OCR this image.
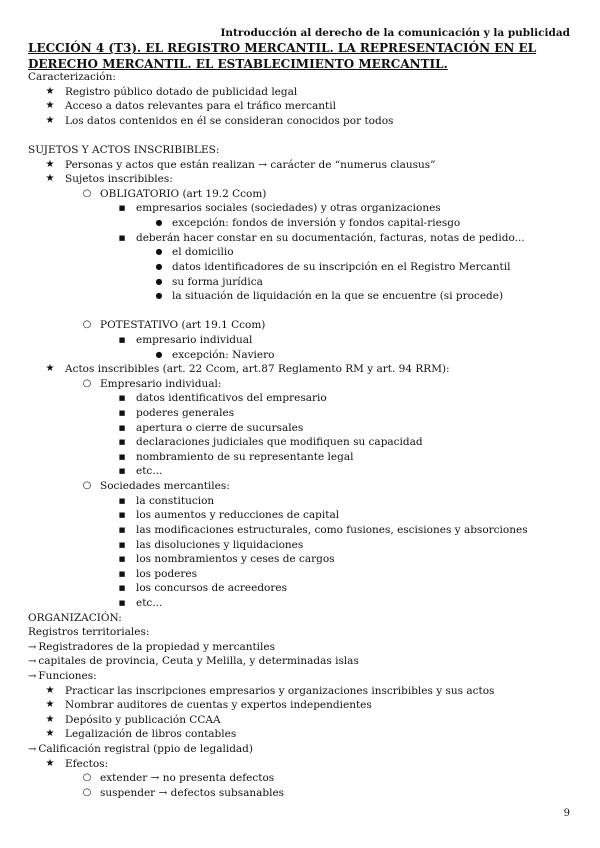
Introducción al derecho de la comunicación y la publicidad
LECCIÓN 4 (T3). EL REGISTRO MERCANTIL. LA REPRESENTACIÓN EN EL DERECHO MERCANTIL. EL ESTABLECIMIENTO MERCANTIL.
Caracterización:
★ Registro público dotado de publicidad legal
★ Acceso a datos relevantes para el tráfico mercantil
★ Los datos contenidos en él se consideran conocidos por todos
SUJETOS Y ACTOS INSCRIBIBLES:
★ Personas y actos que están realizan → carácter de “numerus clausus”
★ Sujetos inscribibles:
○ OBLIGATORIO (art 19.2 Ccom)
■ empresarios sociales (sociedades) y otras organizaciones
● excepción: fondos de inversión y fondos capital-riesgo
■ deberán hacer constar en su documentación, facturas, notas de pedido...
● el domicilio
● datos identificadores de su inscripción en el Registro Mercantil
● su forma jurídica
● la situación de liquidación en la que se encuentre (si procede)
○ POTESTATIVO (art 19.1 Ccom)
■ empresario individual
● excepción: Naviero
★ Actos inscribibles (art. 22 Ccom, art.87 Reglamento RM y art. 94 RRM):
○ Empresario individual:
■ datos identificativos del empresario
■ poderes generales
■ apertura o cierre de sucursales
■ declaraciones judiciales que modifiquen su capacidad
■ nombramiento de su representante legal
■ etc...
○ Sociedades mercantiles:
■ la constitucion
■ los aumentos y reducciones de capital
■ las modificaciones estructurales, como fusiones, escisiones y absorciones
■ las disoluciones y liquidaciones
■ los nombramientos y ceses de cargos
■ los poderes
■ los concursos de acreedores
■ etc...
ORGANIZACIÓN:
Registros territoriales:
→ Registradores de la propiedad y mercantiles
→ capitales de provincia, Ceuta y Melilla, y determinadas islas
→ Funciones:
★ Practicar las inscripciones empresarios y organizaciones inscribibles y sus actos
★ Nombrar auditores de cuentas y expertos independientes
★ Depósito y publicación CCAA
★ Legalización de libros contables
→ Calificación registral (ppio de legalidad)
★ Efectos:
○ extender → no presenta defectos
○ suspender → defectos subsanables
9
